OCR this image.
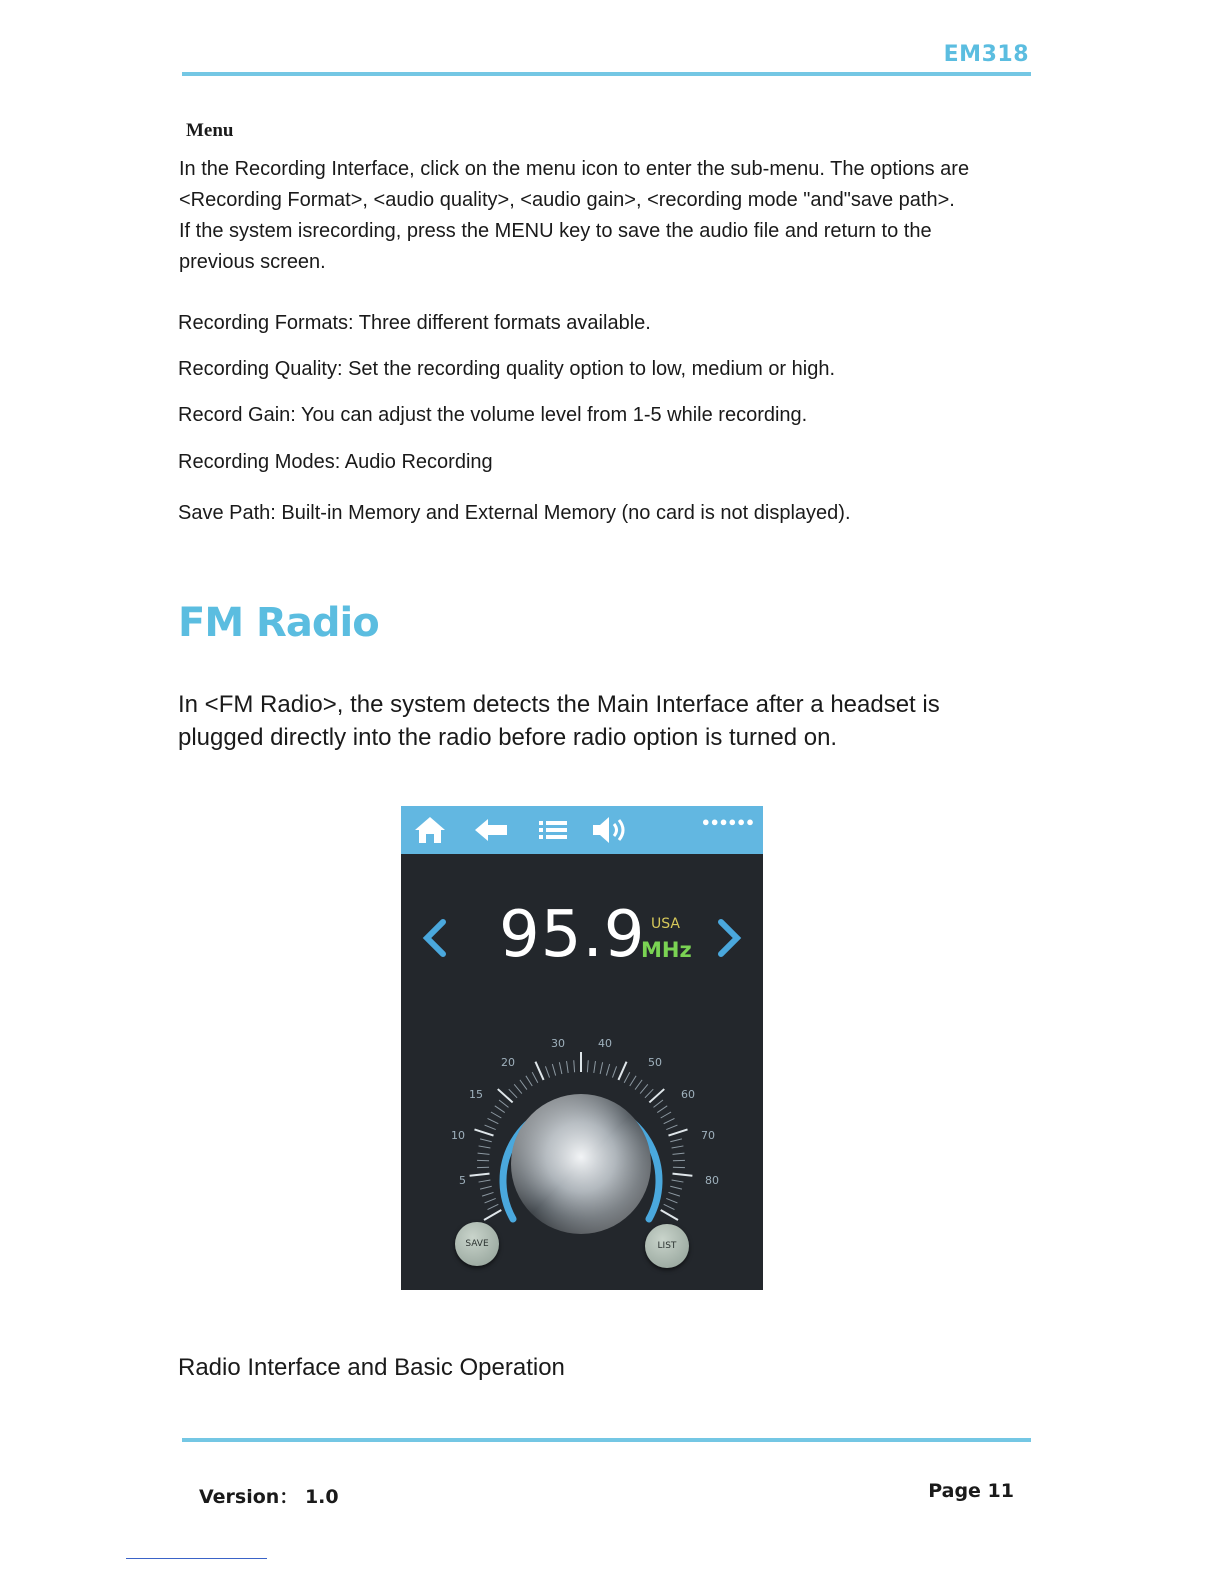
EM318
Menu

In the Recording Interface, click on the menu icon to enter the sub-menu. The options are
<Recording Format>, <audio quality>, <audio gain>, <recording mode "and"save path>.
If the system isrecording, press the MENU key to save the audio file and return to the
previous screen.

Recording Formats: Three different formats available.

Recording Quality: Set the recording quality option to low, medium or high.

Record Gain: You can adjust the volume level from 1-5 while recording.

Recording Modes: Audio Recording

Save Path: Built-in Memory and External Memory (no card is not displayed).

FM Radio

In <FM Radio>, the system detects the Main Interface after a headset is
plugged directly into the radio before radio option is turned on.

●●●●●●
95.9 USA
MHz
5
10
15
20
30	40
50
60
70
80
SAVE	LIST

Radio Interface and Basic Operation

Version： 1.0	Page 11
